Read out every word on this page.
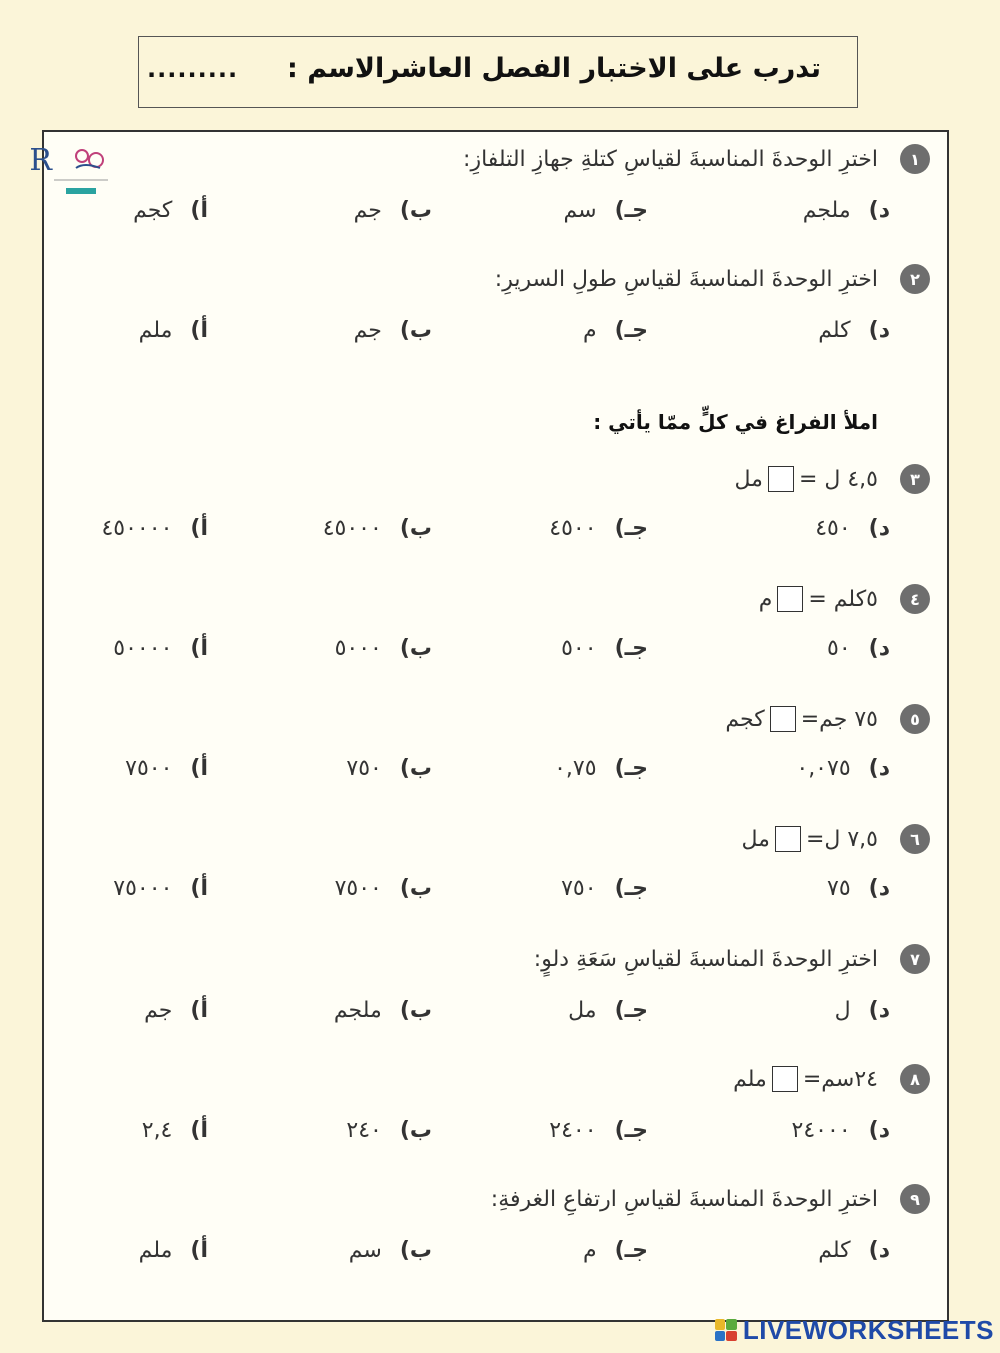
تدرب على الاختبار الفصل العاشر
الاسم :
.........
R
املأ الفراغ في كلٍّ ممّا يأتي :
١
اخترِ الوحدةَ المناسبةَ لقياسِ كتلةِ جهازِ التلفازِ:
أ)كجم	ب)جم	جـ)سم	د)ملجم
٢
اخترِ الوحدةَ المناسبةَ لقياسِ طولِ السريرِ:
أ)ملم	ب)جم	جـ)م	د)كلم
٣
٤,٥ ل =
مل
أ)٤٥٠٠٠٠	ب)٤٥٠٠٠	جـ)٤٥٠٠	د)٤٥٠
٤
٥كلم =
م
أ)٥٠٠٠٠	ب)٥٠٠٠	جـ)٥٠٠	د)٥٠
٥
٧٥ جم=
كجم
أ)٧٥٠٠	ب)٧٥٠	جـ)٠,٧٥	د)٠,٠٧٥
٦
٧,٥ ل=
مل
أ)٧٥٠٠٠	ب)٧٥٠٠	جـ)٧٥٠	د)٧٥
٧
اخترِ الوحدةَ المناسبةَ لقياسِ سَعَةِ دلوٍ:
أ)جم	ب)ملجم	جـ)مل	د)ل
٨
٢٤سم=
ملم
أ)٢,٤	ب)٢٤٠	جـ)٢٤٠٠	د)٢٤٠٠٠
٩
اخترِ الوحدةَ المناسبةَ لقياسِ ارتفاعِ الغرفةِ:
أ)ملم	ب)سم	جـ)م	د)كلم
LIVEWORKSHEETS
